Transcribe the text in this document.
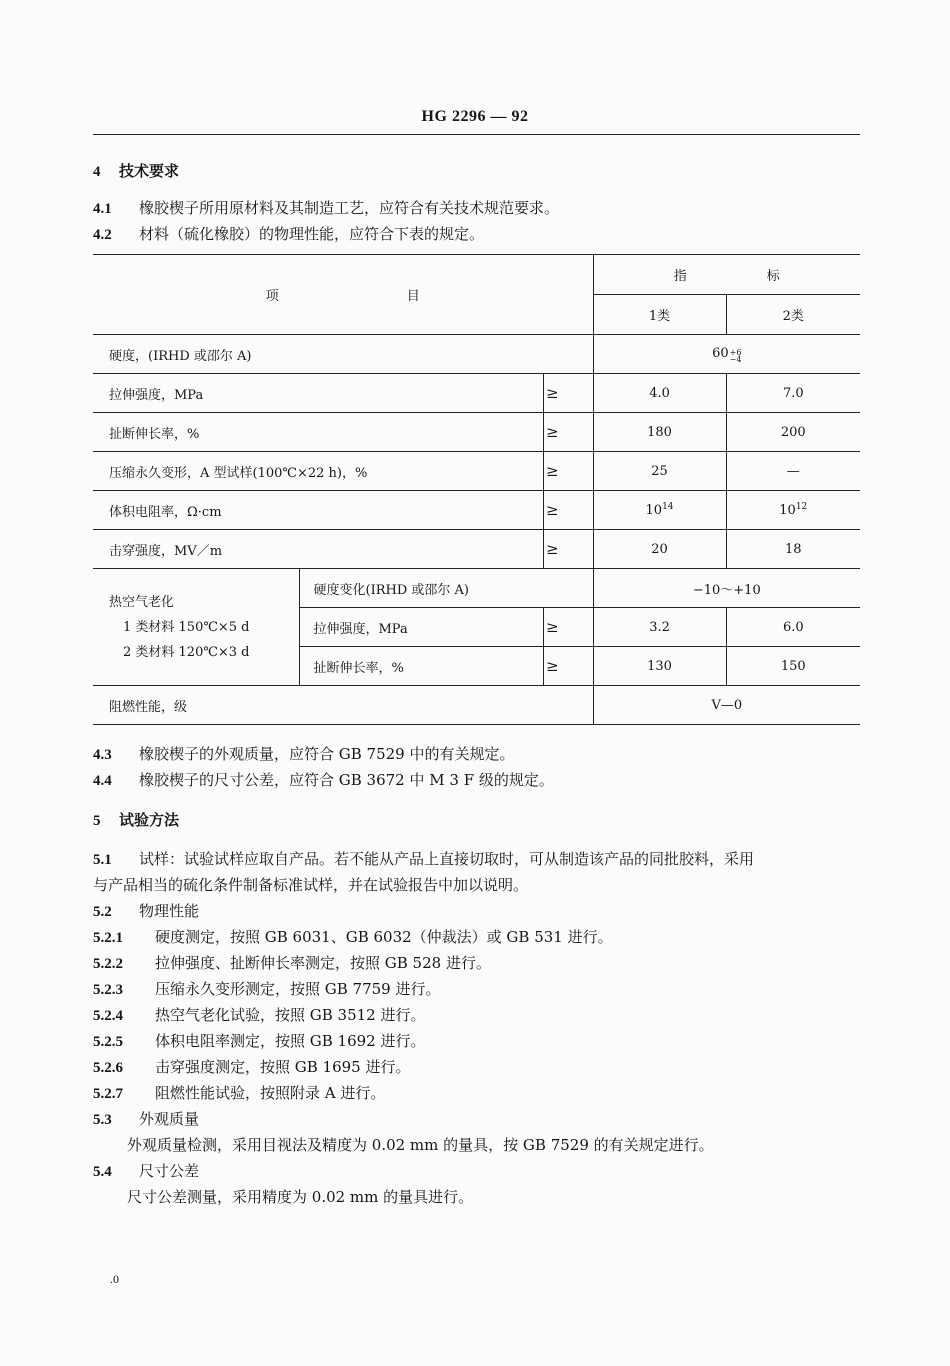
HG 2296 — 92
4 技术要求
4.1 橡胶楔子所用原材料及其制造工艺，应符合有关技术规范要求。
4.2 材料（硫化橡胶）的物理性能，应符合下表的规定。
项 目			指 标	
			1类	2类
硬度，(IRHD 或邵尔 A)			60 +6
−4	

拉伸强度，MPa		≥	4.0	7.0
扯断伸长率，%		≥	180	200
压缩永久变形，A 型试样(100℃×22 h)，%		≥	25	—
体积电阻率，Ω·cm		≥	$10^{14}$	$10^{12}$
击穿强度，MV／m		≥	20	18

热空气老化
1 类材料 150℃×5 d
2 类材料 120℃×3 d	硬度变化(IRHD 或邵尔 A)		−10～+10	
	拉伸强度，MPa	≥	3.2	6.0
	扯断伸长率，%	≥	130	150
阻燃性能，级			V—0	
4.3 橡胶楔子的外观质量，应符合 GB 7529 中的有关规定。
4.4 橡胶楔子的尺寸公差，应符合 GB 3672 中 M 3 F 级的规定。
5 试验方法
5.1 试样：试验试样应取自产品。若不能从产品上直接切取时，可从制造该产品的同批胶料，采用
与产品相当的硫化条件制备标准试样，并在试验报告中加以说明。
5.2 物理性能
5.2.1 硬度测定，按照 GB 6031、GB 6032（仲裁法）或 GB 531 进行。
5.2.2 拉伸强度、扯断伸长率测定，按照 GB 528 进行。
5.2.3 压缩永久变形测定，按照 GB 7759 进行。
5.2.4 热空气老化试验，按照 GB 3512 进行。
5.2.5 体积电阻率测定，按照 GB 1692 进行。
5.2.6 击穿强度测定，按照 GB 1695 进行。
5.2.7 阻燃性能试验，按照附录 A 进行。
5.3 外观质量
外观质量检测，采用目视法及精度为 0.02 mm 的量具，按 GB 7529 的有关规定进行。
5.4 尺寸公差
尺寸公差测量，采用精度为 0.02 mm 的量具进行。
.0
